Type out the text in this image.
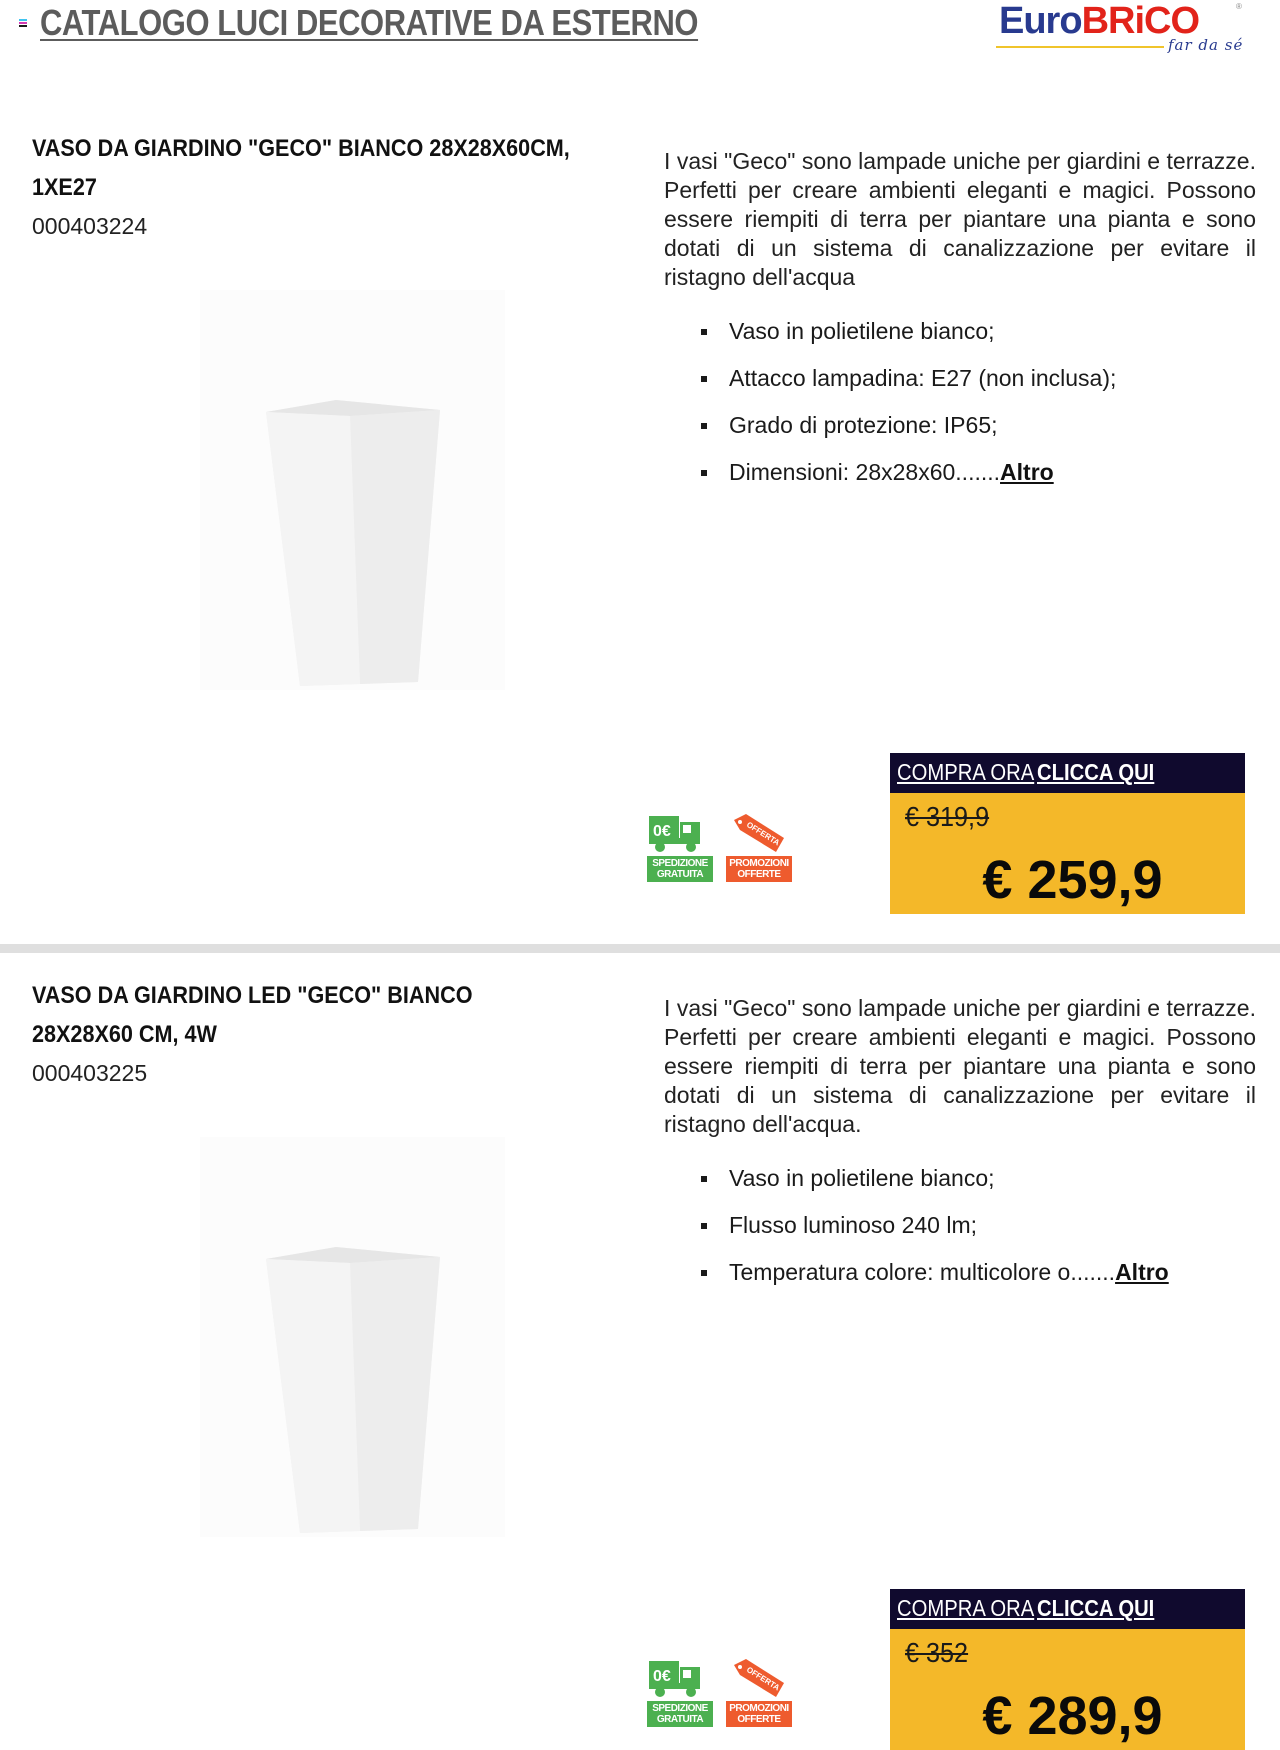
CATALOGO LUCI DECORATIVE DA ESTERNO	EuroBRiCO	®
far da sé
VASO DA GIARDINO "GECO" BIANCO 28X28X60CM, 1XE27
000403224
I vasi "Geco" sono lampade uniche per giardini e terrazze. Perfetti per creare ambienti eleganti e magici. Possono essere riempiti di terra per piantare una pianta e sono dotati di un sistema di canalizzazione per evitare il ristagno dell'acqua
Vaso in polietilene bianco;
Attacco lampadina: E27 (non inclusa);
Grado di protezione: IP65;
Dimensioni: 28x28x60.......Altro
0€
SPEDIZIONE
GRATUITA
OFFERTA
PROMOZIONI
OFFERTE
COMPRA ORA CLICCA QUI
€ 319,9
€ 259,9
VASO DA GIARDINO LED "GECO" BIANCO 28X28X60 CM, 4W
000403225
I vasi "Geco" sono lampade uniche per giardini e terrazze. Perfetti per creare ambienti eleganti e magici. Possono essere riempiti di terra per piantare una pianta e sono dotati di un sistema di canalizzazione per evitare il ristagno dell'acqua.
Vaso in polietilene bianco;
Flusso luminoso 240 lm;
Temperatura colore: multicolore o.......Altro
0€
SPEDIZIONE
GRATUITA
OFFERTA
PROMOZIONI
OFFERTE
COMPRA ORA CLICCA QUI
€ 352
€ 289,9
